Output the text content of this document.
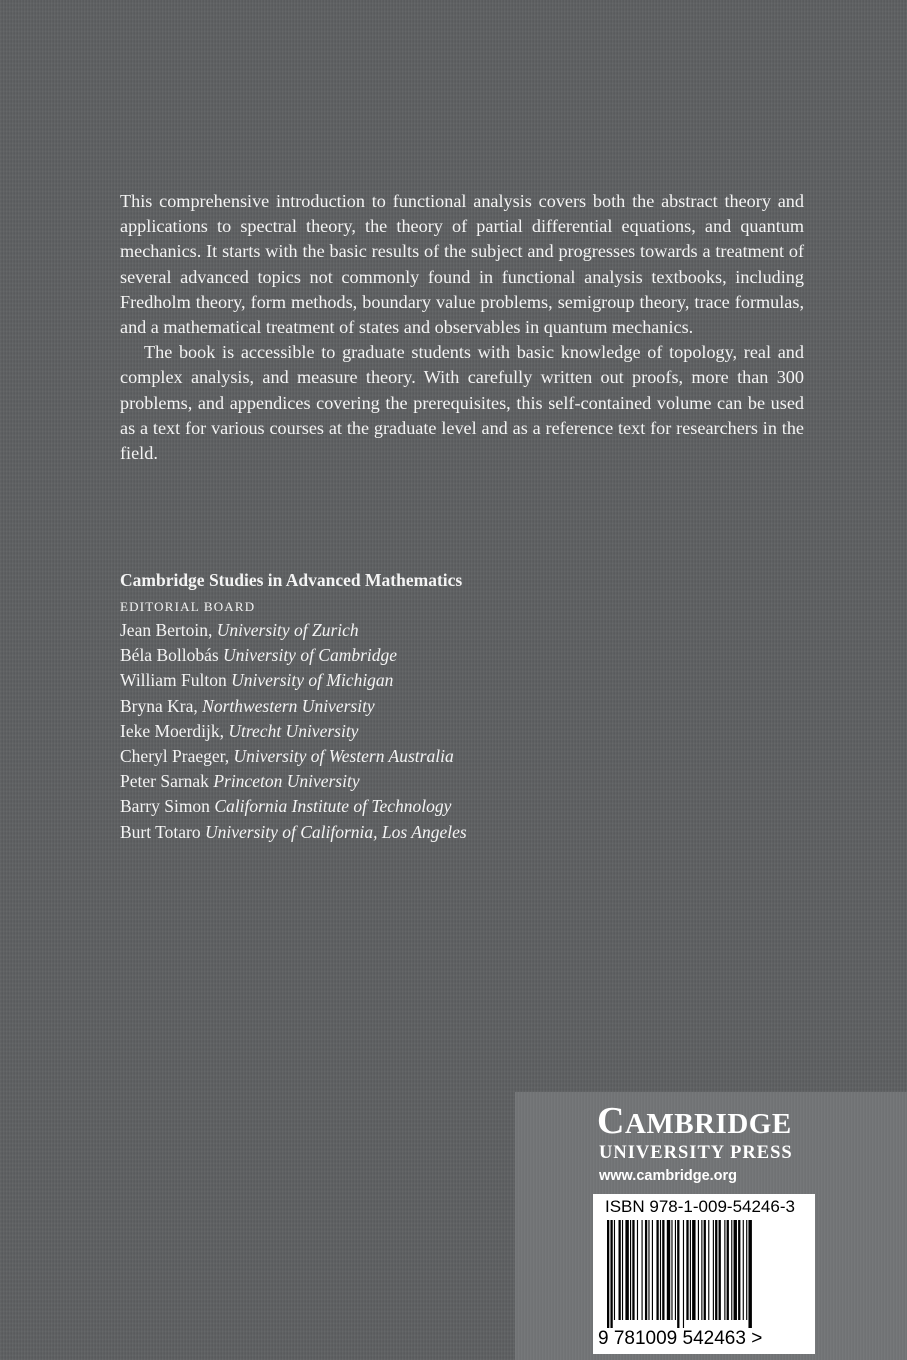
This comprehensive introduction to functional analysis covers both the abstract theory and applications to spectral theory, the theory of partial differential equations, and quantum mechanics. It starts with the basic results of the subject and progresses towards a treatment of several advanced topics not commonly found in functional analysis textbooks, including Fredholm theory, form methods, boundary value problems, semigroup theory, trace formulas, and a mathematical treatment of states and observables in quantum mechanics.

The book is accessible to graduate students with basic knowledge of topology, real and complex analysis, and measure theory. With carefully written out proofs, more than 300 problems, and appendices covering the prerequisites, this self-contained volume can be used as a text for various courses at the graduate level and as a reference text for researchers in the field.

Cambridge Studies in Advanced Mathematics
EDITORIAL BOARD
Jean Bertoin, University of Zurich
Béla Bollobás University of Cambridge
William Fulton University of Michigan
Bryna Kra, Northwestern University
Ieke Moerdijk, Utrecht University
Cheryl Praeger, University of Western Australia
Peter Sarnak Princeton University
Barry Simon California Institute of Technology
Burt Totaro University of California, Los Angeles
CAMBRIDGE
UNIVERSITY PRESS
www.cambridge.org
ISBN 978-1-009-54246-3
9 781009 542463 >
